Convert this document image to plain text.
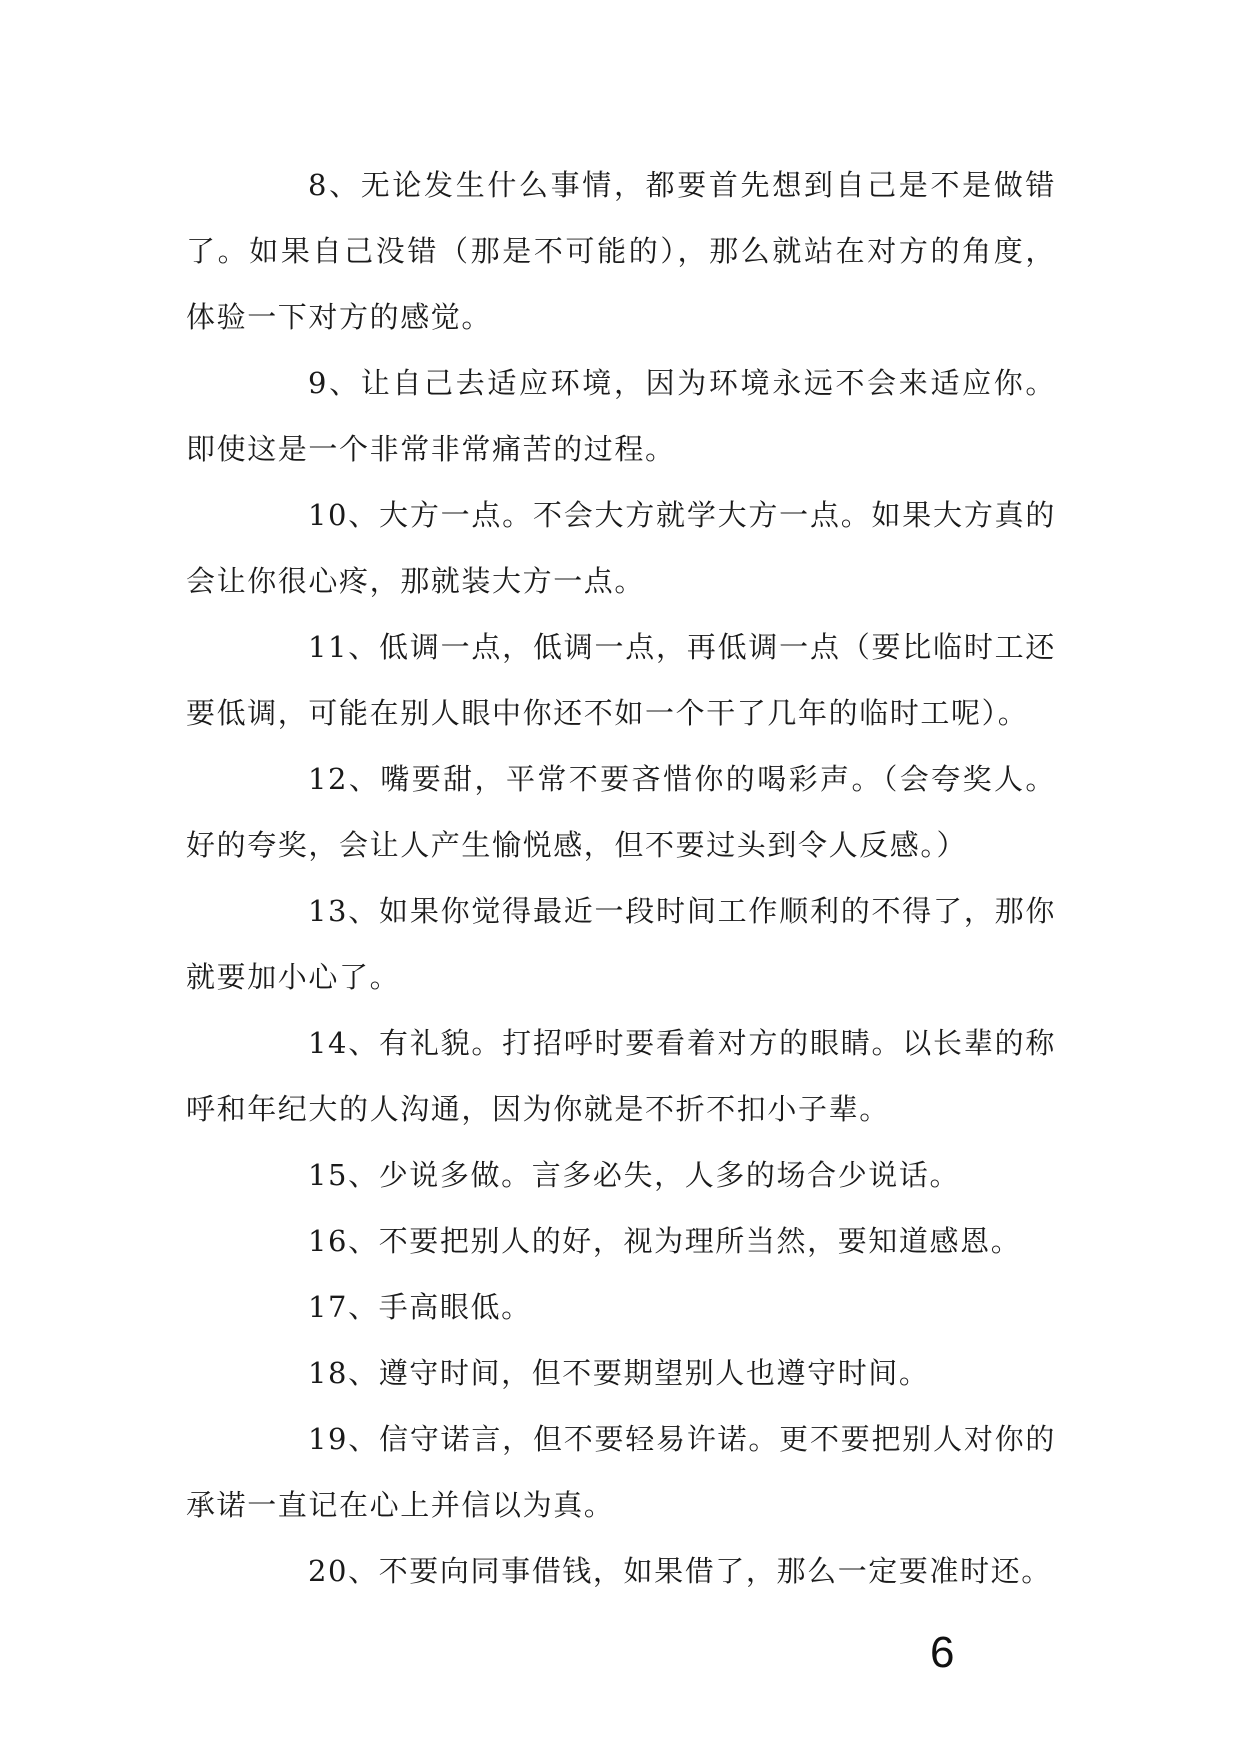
8、无论发生什么事情，都要首先想到自己是不是做错了。如果自己没错（那是不可能的），那么就站在对方的角度，体验一下对方的感觉。

9、让自己去适应环境，因为环境永远不会来适应你。即使这是一个非常非常痛苦的过程。

10、大方一点。不会大方就学大方一点。如果大方真的会让你很心疼，那就装大方一点。

11、低调一点，低调一点，再低调一点（要比临时工还要低调，可能在别人眼中你还不如一个干了几年的临时工呢）。

12、嘴要甜，平常不要吝惜你的喝彩声。（会夸奖人。好的夸奖，会让人产生愉悦感，但不要过头到令人反感。）

13、如果你觉得最近一段时间工作顺利的不得了，那你就要加小心了。

14、有礼貌。打招呼时要看着对方的眼睛。以长辈的称呼和年纪大的人沟通，因为你就是不折不扣小子辈。

15、少说多做。言多必失，人多的场合少说话。

16、不要把别人的好，视为理所当然，要知道感恩。

17、手高眼低。

18、遵守时间，但不要期望别人也遵守时间。

19、信守诺言，但不要轻易许诺。更不要把别人对你的承诺一直记在心上并信以为真。

20、不要向同事借钱，如果借了，那么一定要准时还。

6
